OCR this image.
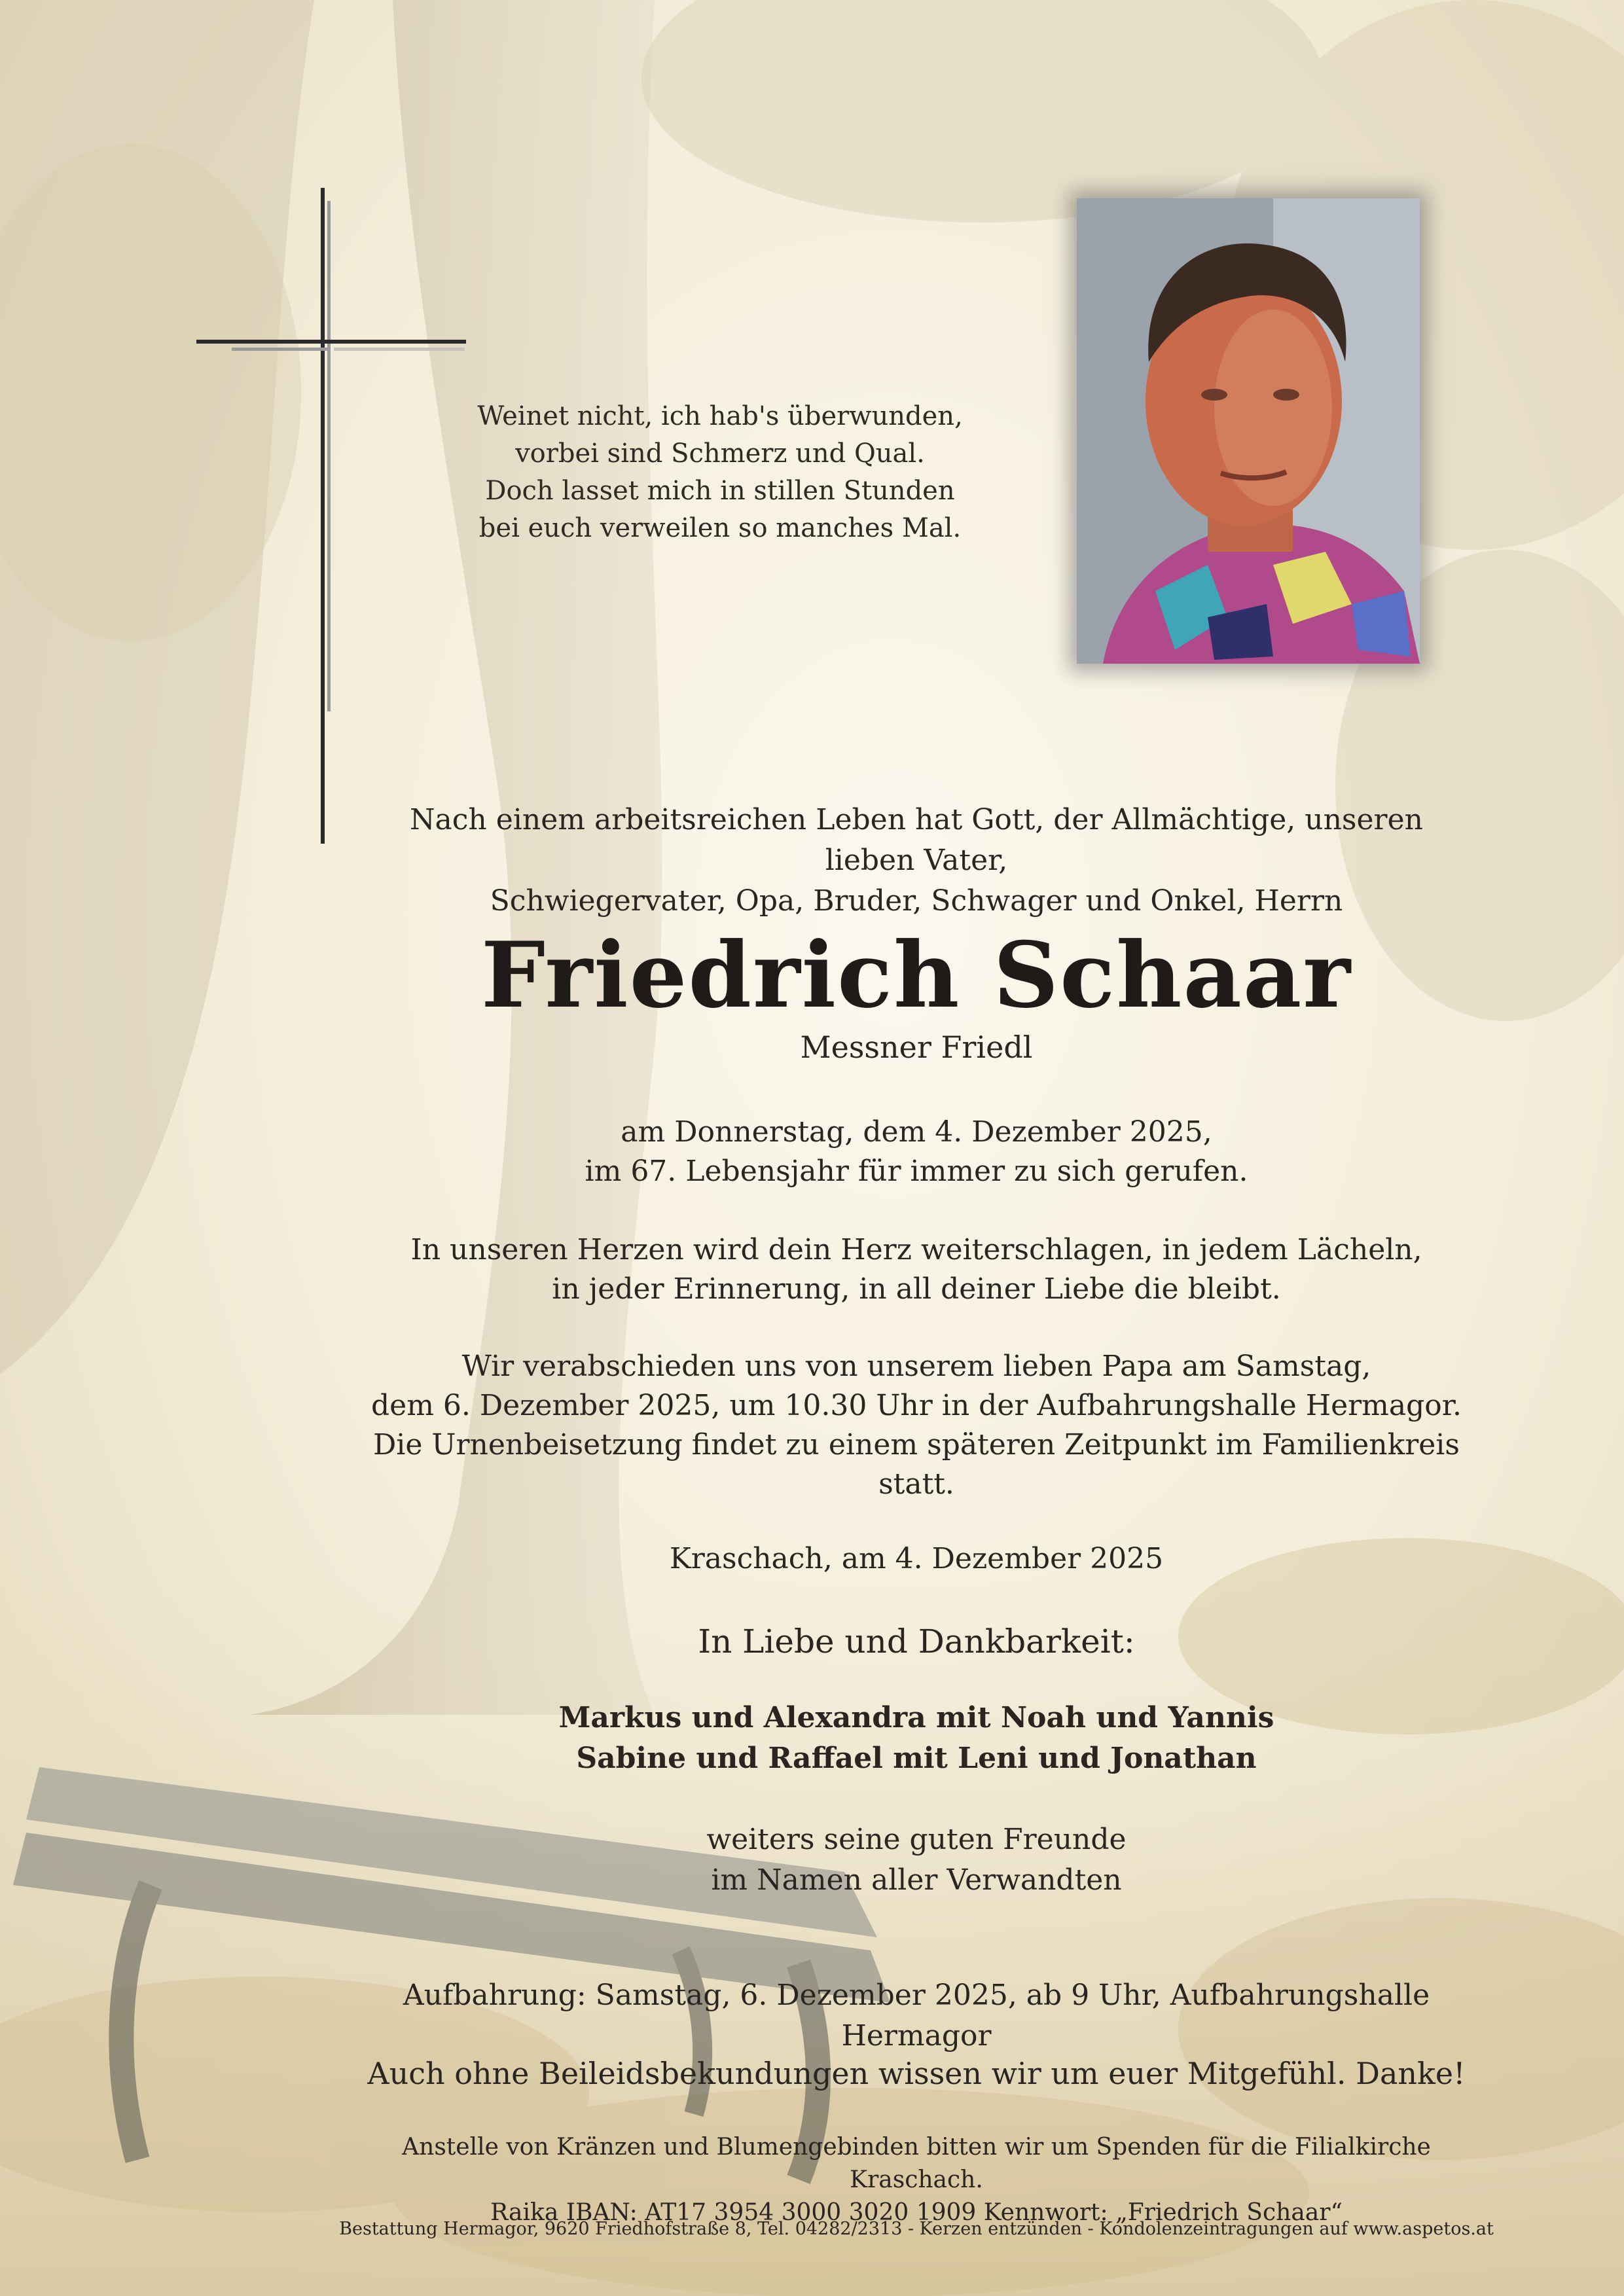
Weinet nicht, ich hab's überwunden,
vorbei sind Schmerz und Qual.
Doch lasset mich in stillen Stunden
bei euch verweilen so manches Mal.
Nach einem arbeitsreichen Leben hat Gott, der Allmächtige, unseren lieben Vater,
Schwiegervater, Opa, Bruder, Schwager und Onkel, Herrn
Friedrich Schaar
Messner Friedl
am Donnerstag, dem 4. Dezember 2025,
im 67. Lebensjahr für immer zu sich gerufen.
In unseren Herzen wird dein Herz weiterschlagen, in jedem Lächeln,
in jeder Erinnerung, in all deiner Liebe die bleibt.
Wir verabschieden uns von unserem lieben Papa am Samstag,
dem 6. Dezember 2025, um 10.30 Uhr in der Aufbahrungshalle Hermagor.
Die Urnenbeisetzung findet zu einem späteren Zeitpunkt im Familienkreis statt.
Kraschach, am 4. Dezember 2025
In Liebe und Dankbarkeit:
Markus und Alexandra mit Noah und Yannis
Sabine und Raffael mit Leni und Jonathan
weiters seine guten Freunde
im Namen aller Verwandten
Aufbahrung: Samstag, 6. Dezember 2025, ab 9 Uhr, Aufbahrungshalle Hermagor
Auch ohne Beileidsbekundungen wissen wir um euer Mitgefühl. Danke!
Anstelle von Kränzen und Blumengebinden bitten wir um Spenden für die Filialkirche Kraschach.
Raika IBAN: AT17 3954 3000 3020 1909 Kennwort: „Friedrich Schaar“
Bestattung Hermagor, 9620 Friedhofstraße 8, Tel. 04282/2313 - Kerzen entzünden - Kondolenzeintragungen auf www.aspetos.at
